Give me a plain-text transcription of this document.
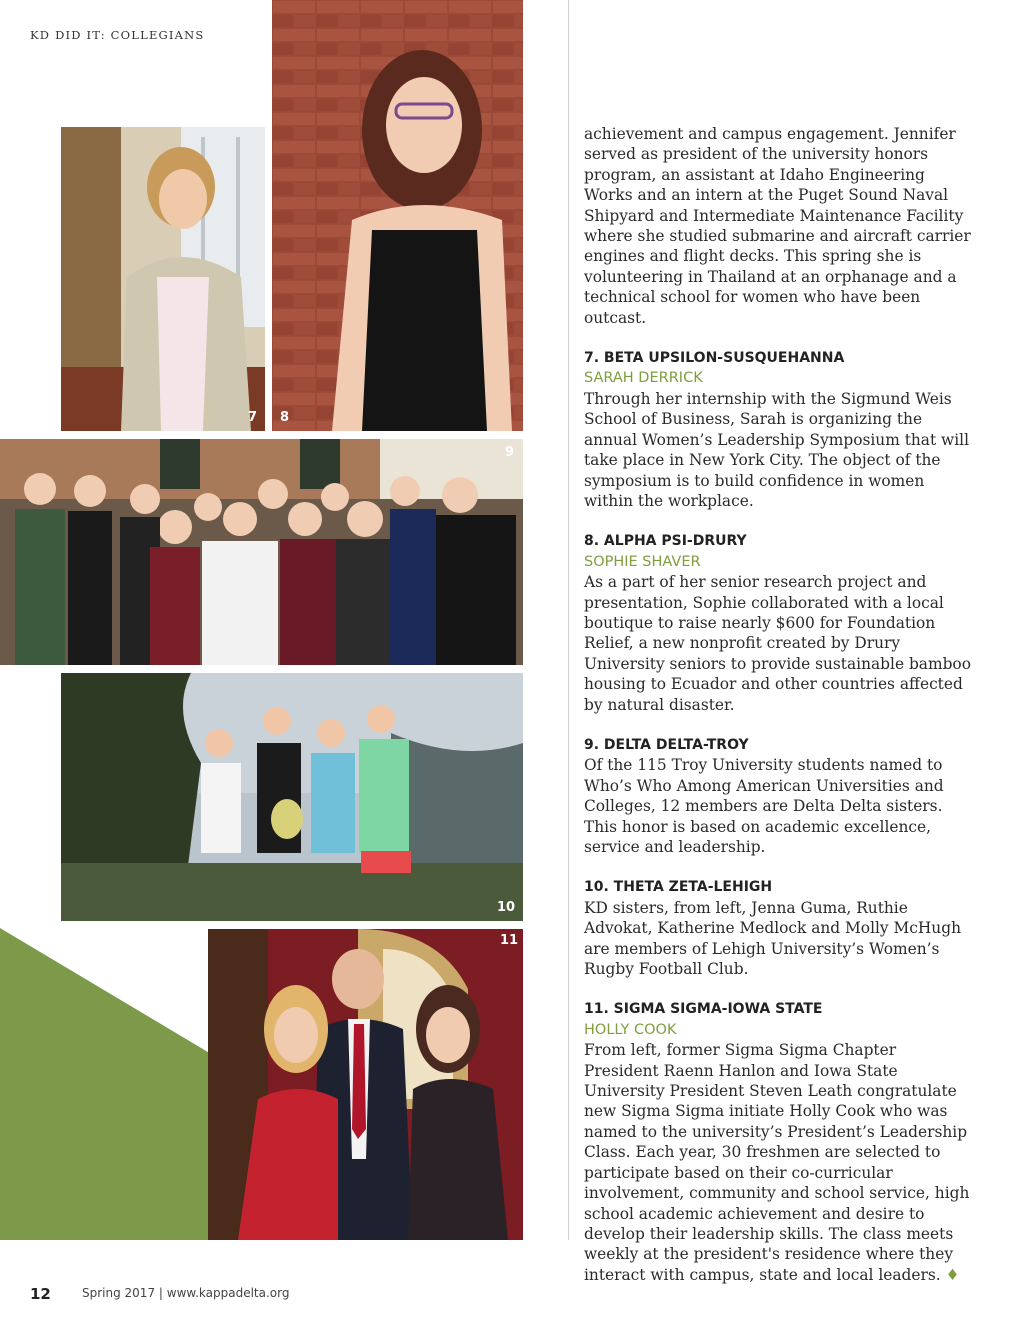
KD DID IT: COLLEGIANS
7 8
9
10
11

achievement and campus engagement. Jennifer served as president of the university honors program, an assistant at Idaho Engineering Works and an intern at the Puget Sound Naval Shipyard and Intermediate Maintenance Facility where she studied submarine and aircraft carrier engines and flight decks. This spring she is volunteering in Thailand at an orphanage and a technical school for women who have been outcast.

7. BETA UPSILON-SUSQUEHANNA
SARAH DERRICK

Through her internship with the Sigmund Weis School of Business, Sarah is organizing the annual Women’s Leadership Symposium that will take place in New York City. The object of the symposium is to build confidence in women within the workplace.

8. ALPHA PSI-DRURY
SOPHIE SHAVER

As a part of her senior research project and presentation, Sophie collaborated with a local boutique to raise nearly $600 for Foundation Relief, a new nonprofit created by Drury University seniors to provide sustainable bamboo housing to Ecuador and other countries affected by natural disaster.

9. DELTA DELTA-TROY

Of the 115 Troy University students named to Who’s Who Among American Universities and Colleges, 12 members are Delta Delta sisters. This honor is based on academic excellence, service and leadership.

10. THETA ZETA-LEHIGH

KD sisters, from left, Jenna Guma, Ruthie Advokat, Katherine Medlock and Molly McHugh are members of Lehigh University’s Women’s Rugby Football Club.

11. SIGMA SIGMA-IOWA STATE
HOLLY COOK

From left, former Sigma Sigma Chapter President Raenn Hanlon and Iowa State University President Steven Leath congratulate new Sigma Sigma initiate Holly Cook who was named to the university’s President’s Leadership Class. Each year, 30 freshmen are selected to participate based on their co-curricular involvement, community and school service, high school academic achievement and desire to develop their leadership skills. The class meets weekly at the president's residence where they interact with campus, state and local leaders. ♦

12	Spring 2017 | www.kappadelta.org
